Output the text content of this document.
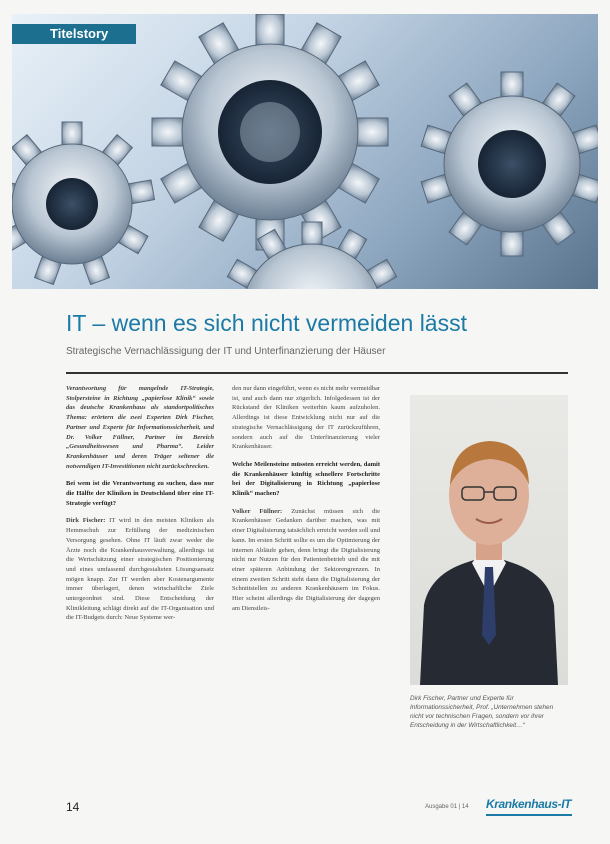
Titelstory
IT – wenn es sich nicht vermeiden lässt

Strategische Vernachlässigung der IT und Unterfinanzierung der Häuser

Verantwortung für mangelnde IT-Strategie, Stolpersteine in Richtung „papierlose Klinik“ sowie das deutsche Krankenhaus als standortpolitisches Thema: erörtern die zwei Experten Dirk Fischer, Partner und Experte für Informationssicherheit, und Dr. Volker Füllner, Partner im Bereich „Gesundheitswesen und Pharma“. Leider Krankenhäuser und deren Träger seltener die notwendigen IT-Investitionen nicht zurückschrecken.

Bei wem ist die Verantwortung zu suchen, dass nur die Hälfte der Kliniken in Deutschland über eine IT-Strategie verfügt?

Dirk Fischer: IT wird in den meisten Kliniken als Hemmschuh zur Erfüllung der medizinischen Versorgung gesehen. Ohne IT läuft zwar weder die Ärzte noch die Krankenhausverwaltung, allerdings ist die Wertschätzung einer strategischen Positionierung und eines umfassend durchgestalteten Lösungsansatz mögen knapp. Zur IT werden aber Kostenargumente immer überlagert, denen wirtschaftliche Ziele untergeordnet sind. Diese Entscheidung der Klinikleitung schlägt direkt auf die IT-Organisation und die IT-Budgets durch: Neue Systeme wer-

den nur dann eingeführt, wenn es nicht mehr vermeidbar ist, und auch dann nur zögerlich. Infolgedessen ist der Rückstand der Kliniken weiterhin kaum aufzuholen. Allerdings ist diese Entwicklung nicht nur auf die strategische Vernachlässigung der IT zurückzuführen, sondern auch auf die Unterfinanzierung vieler Krankenhäuser.

Welche Meilensteine müssten erreicht werden, damit die Krankenhäuser künftig schnellere Fortschritte bei der Digitalisierung in Richtung „papierlose Klinik“ machen?

Volker Füllner: Zunächst müssen sich die Krankenhäuser Gedanken darüber machen, was mit einer Digitalisierung tatsächlich erreicht werden soll und kann. Im ersten Schritt sollte es um die Optimierung der internen Abläufe gehen, denn bringt die Digitalisierung nicht nur Nutzen für den Patientenbetrieb und die mit einer späteren Anbindung der Sektorengrenzen. In einem zweiten Schritt steht dann die Digitalisierung der Schnittstellen zu anderen Krankenhäusern im Fokus. Hier scheint allerdings die Digitalisierung der dagegen am Dienstleis-

Dirk Fischer, Partner und Experte für Informationssicherheit, Prof. „Unternehmen stehen nicht vor technischen Fragen, sondern vor ihrer Entscheidung in der Wirtschaftlichkeit…“

14	Ausgabe 01 | 14 Krankenhaus-IT
